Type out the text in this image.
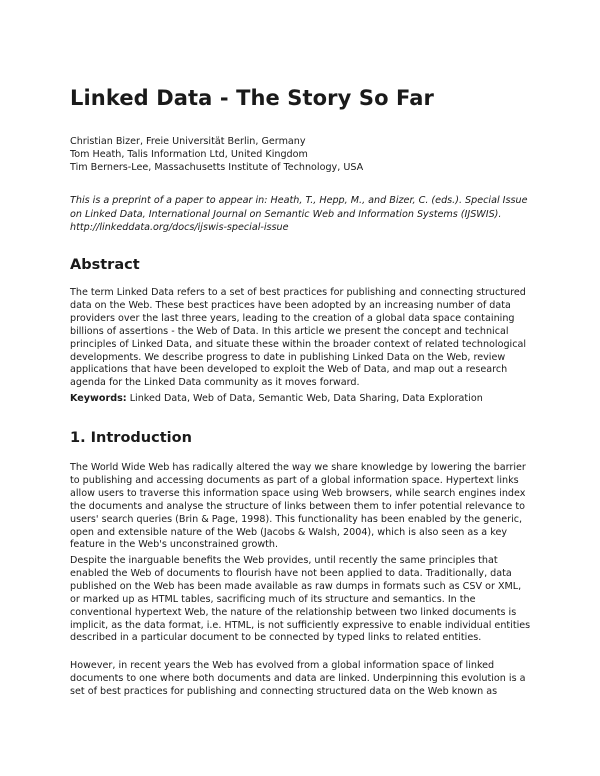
Linked Data - The Story So Far
Christian Bizer, Freie Universität Berlin, Germany
Tom Heath, Talis Information Ltd, United Kingdom
Tim Berners-Lee, Massachusetts Institute of Technology, USA
This is a preprint of a paper to appear in: Heath, T., Hepp, M., and Bizer, C. (eds.). Special Issue on Linked Data, International Journal on Semantic Web and Information Systems (IJSWIS). http://linkeddata.org/docs/ijswis-special-issue
Abstract
The term Linked Data refers to a set of best practices for publishing and connecting structured data on the Web. These best practices have been adopted by an increasing number of data providers over the last three years, leading to the creation of a global data space containing billions of assertions - the Web of Data. In this article we present the concept and technical principles of Linked Data, and situate these within the broader context of related technological developments. We describe progress to date in publishing Linked Data on the Web, review applications that have been developed to exploit the Web of Data, and map out a research agenda for the Linked Data community as it moves forward.
Keywords: Linked Data, Web of Data, Semantic Web, Data Sharing, Data Exploration
1. Introduction
The World Wide Web has radically altered the way we share knowledge by lowering the barrier to publishing and accessing documents as part of a global information space. Hypertext links allow users to traverse this information space using Web browsers, while search engines index the documents and analyse the structure of links between them to infer potential relevance to users' search queries (Brin & Page, 1998). This functionality has been enabled by the generic, open and extensible nature of the Web (Jacobs & Walsh, 2004), which is also seen as a key feature in the Web's unconstrained growth.
Despite the inarguable benefits the Web provides, until recently the same principles that enabled the Web of documents to flourish have not been applied to data. Traditionally, data published on the Web has been made available as raw dumps in formats such as CSV or XML, or marked up as HTML tables, sacrificing much of its structure and semantics. In the conventional hypertext Web, the nature of the relationship between two linked documents is implicit, as the data format, i.e. HTML, is not sufficiently expressive to enable individual entities described in a particular document to be connected by typed links to related entities.
However, in recent years the Web has evolved from a global information space of linked documents to one where both documents and data are linked. Underpinning this evolution is a set of best practices for publishing and connecting structured data on the Web known as
